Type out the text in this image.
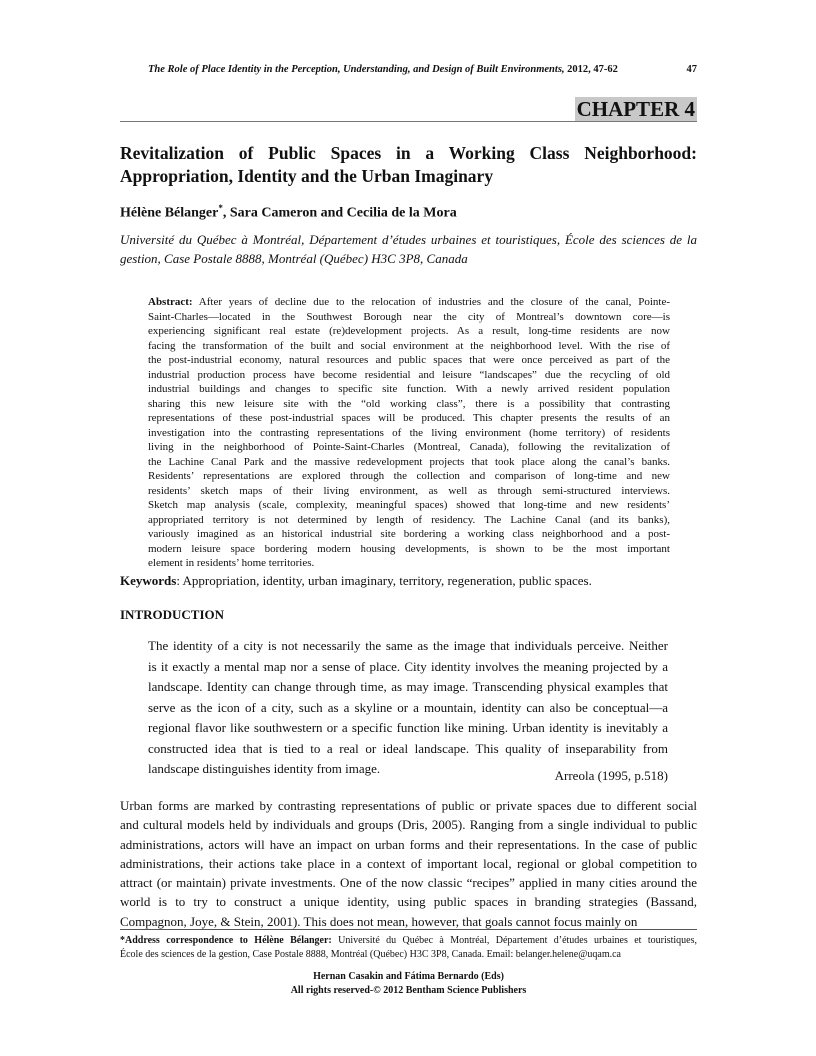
The Role of Place Identity in the Perception, Understanding, and Design of Built Environments, 2012, 47-62	47
CHAPTER 4
Revitalization of Public Spaces in a Working Class Neighborhood:
Appropriation, Identity and the Urban Imaginary
Hélène Bélanger*, Sara Cameron and Cecilia de la Mora
Université du Québec à Montréal, Département d’études urbaines et touristiques, École des sciences de la
gestion, Case Postale 8888, Montréal (Québec) H3C 3P8, Canada
Abstract: After years of decline due to the relocation of industries and the closure of the canal, Pointe-
Saint-Charles—located in the Southwest Borough near the city of Montreal’s downtown core—is
experiencing significant real estate (re)development projects. As a result, long-time residents are now
facing the transformation of the built and social environment at the neighborhood level. With the rise of
the post-industrial economy, natural resources and public spaces that were once perceived as part of the
industrial production process have become residential and leisure “landscapes” due the recycling of old
industrial buildings and changes to specific site function. With a newly arrived resident population
sharing this new leisure site with the “old working class”, there is a possibility that contrasting
representations of these post-industrial spaces will be produced. This chapter presents the results of an
investigation into the contrasting representations of the living environment (home territory) of residents
living in the neighborhood of Pointe-Saint-Charles (Montreal, Canada), following the revitalization of
the Lachine Canal Park and the massive redevelopment projects that took place along the canal’s banks.
Residents’ representations are explored through the collection and comparison of long-time and new
residents’ sketch maps of their living environment, as well as through semi-structured interviews.
Sketch map analysis (scale, complexity, meaningful spaces) showed that long-time and new residents’
appropriated territory is not determined by length of residency. The Lachine Canal (and its banks),
variously imagined as an historical industrial site bordering a working class neighborhood and a post-
modern leisure space bordering modern housing developments, is shown to be the most important
element in residents’ home territories.
Keywords: Appropriation, identity, urban imaginary, territory, regeneration, public spaces.
INTRODUCTION
The identity of a city is not necessarily the same as the image that individuals perceive. Neither
is it exactly a mental map nor a sense of place. City identity involves the meaning projected by a
landscape. Identity can change through time, as may image. Transcending physical examples that
serve as the icon of a city, such as a skyline or a mountain, identity can also be conceptual—a
regional flavor like southwestern or a specific function like mining. Urban identity is inevitably a
constructed idea that is tied to a real or ideal landscape. This quality of inseparability from
landscape distinguishes identity from image.	Arreola (1995, p.518)
Urban forms are marked by contrasting representations of public or private spaces due to different social
and cultural models held by individuals and groups (Dris, 2005). Ranging from a single individual to public
administrations, actors will have an impact on urban forms and their representations. In the case of public
administrations, their actions take place in a context of important local, regional or global competition to
attract (or maintain) private investments. One of the now classic “recipes” applied in many cities around the
world is to try to construct a unique identity, using public spaces in branding strategies (Bassand,
Compagnon, Joye, & Stein, 2001). This does not mean, however, that goals cannot focus mainly on
*Address correspondence to Hélène Bélanger: Université du Québec à Montréal, Département d’études urbaines et touristiques,
École des sciences de la gestion, Case Postale 8888, Montréal (Québec) H3C 3P8, Canada. Email: belanger.helene@uqam.ca
Hernan Casakin and Fátima Bernardo (Eds)
All rights reserved-© 2012 Bentham Science Publishers
